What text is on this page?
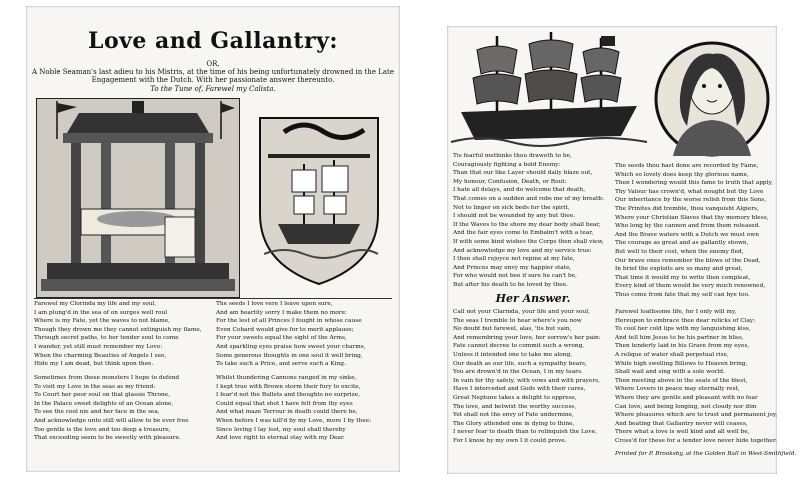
Love and Gallantry:
OR,
A Noble Seaman's last adieu to his Mistris, at the time of his being unfortunately drowned in the Late
Engagement with the Dutch. With her passionate answer thereunto.
To the Tune of, Farewel my Calista.

Farewel my Clorinda my life and my soul,

I am plung'd in the sea of on surges well roul

Where is my Fate, yet the waves to not blame,

Though they drown me they cannot extinguish my flame,

Through secret paths, to her tender soul to come

I wander, yet still must remember my Love:

When the charming Beauties of Angels I see,

Hide my I am dead, but think upon thee.

The seeds I love vere I leave upon sure,

And am heartily sorry I make them no more:

For the lest of all Princes I fought in whose cause

Even Cohard would give for to merit applause;

For your sweets equal the sight of the Arms,

And sparkling eyes praise how sweet your charms,

Some generous thoughts in one soul it well bring,

To take such a Price, and serve such a King.

Sometimes from those monsters I hope to defend

To visit my Love in the seas as my friend:

To Court her poor soul on that glassie Throne,

In the Palace sweet delights of an Ocean alone,

To see the cool nie and her face in the sea,

And acknowledge unto still will allow to be ever free

Too gentle is the love and too deep a treasure,

That exceeding seem to be sweetly with pleasure.

Whilst thundering Cannons ranged in my sinke,

I kept true with Brown storm their fury to excite,

I fear'd not the Bullets and thoughts no surprize,

Could equal that shot I have felt from thy eyes

And what maze Terrour in death could there be,

When before I was kill'd by my Love, more I by thee:

Since loving I lay lost, my soul shall thereby

And love right to eternal stay with my Dear.

Tis fearful methinks thou draweth to be,

Couragiously fighting a bold Enemy:

Than that our like Layer should daily blaze out,

My honour, Confusion, Death, or Rout:

I hate all delays, and do welcome that death,

That comes on a sudden and robs me of my breath:

Not to linger on sick beds for the spirit,

I should not be wounded by any but thee.

If the Waves to the shore my dear body shall bear,

And the fair eyes come to Embalm't with a tear,

If with some kind wishes the Corps then shall view,

And acknowledge my love and my service true:

I then shall rejoyce not repine at my fate,

And Princes may envy my happier state,

For who would not bee if sure he can't be,

But after his death to be loved by thee.

Her Answer.

Call not your Clarinda, your life and your soul,

The seas I tremble to hear where's you now

No doubt but farewel, alas, 'tis but vain,

And remembring your love, her sorrow's her pain:

Fate cannot decree to commit such a wrong,

Unless it intended one to take me along,

Our death as our life, such a sympathy bears,

You are drown'd in the Ocean, I in my tears.

In vain for thy safety, with vows and with prayers,

Have I interceded and Gods with their cares,

Great Neptune takes a delight to oppress,

The love, and betwixt the worthy success,

Yet shall not the envy of Fate undermine,

The Glory attended one in dying to thine,

I never fear to death than to relinquish the Love,

For I know by my own I it could prove.

The seeds thou hast done are recorded by Fame,

Which so lovely does keep thy glorious name,

Then I wondering would this fame to truth that apply,

Thy Valour has crown'd, what nought but thy Love

Our inheritance by the worse relish from this Sons,

The Prinites did tremble, thou vanquisht Algiers,

Where your Christian Slaves that thy memory bless,

Who long by the cannon and from them released.

And the Brave waters with a Dutch we must own

The courage as great and as gallantly shown,

But well to their cost, when the enemy fled,

Our brave ones remember the blows of the Dead,

In brief the exploits are so many and great,

That time it would my to write then compleat,

Every kind of them would be very much renowned,

Thus come from fate that my self can bye too.

Farewel loathsome life, for I only will my,

Hereupon to embrace thee dear relicks of Clay:

To cool her cold lips with my languishing kiss,

And tell him Jesus to be his partner in bliss,

Then tenderly laid in his Grave from my eyes,

A relique of water shall perpetual rise,

While high swelling Billows to Heaven bring,

Shall wail and sing with a sole world.

Then meeting above in the seats of the blest,

Where Lovers in peace may eternally rest,

Where they are gentle and pleasant with no fear

Can love, and being longing, not cloudy nor dim

Where pleasures which are to trust and permanent joy,

And beating that Gallantry never will ceases,

There what a love is well kind and all well be,

Cross'd for these for a tender love never hide together.

Printed for P. Brooksby, at the Golden Ball in West-Smithfield.
